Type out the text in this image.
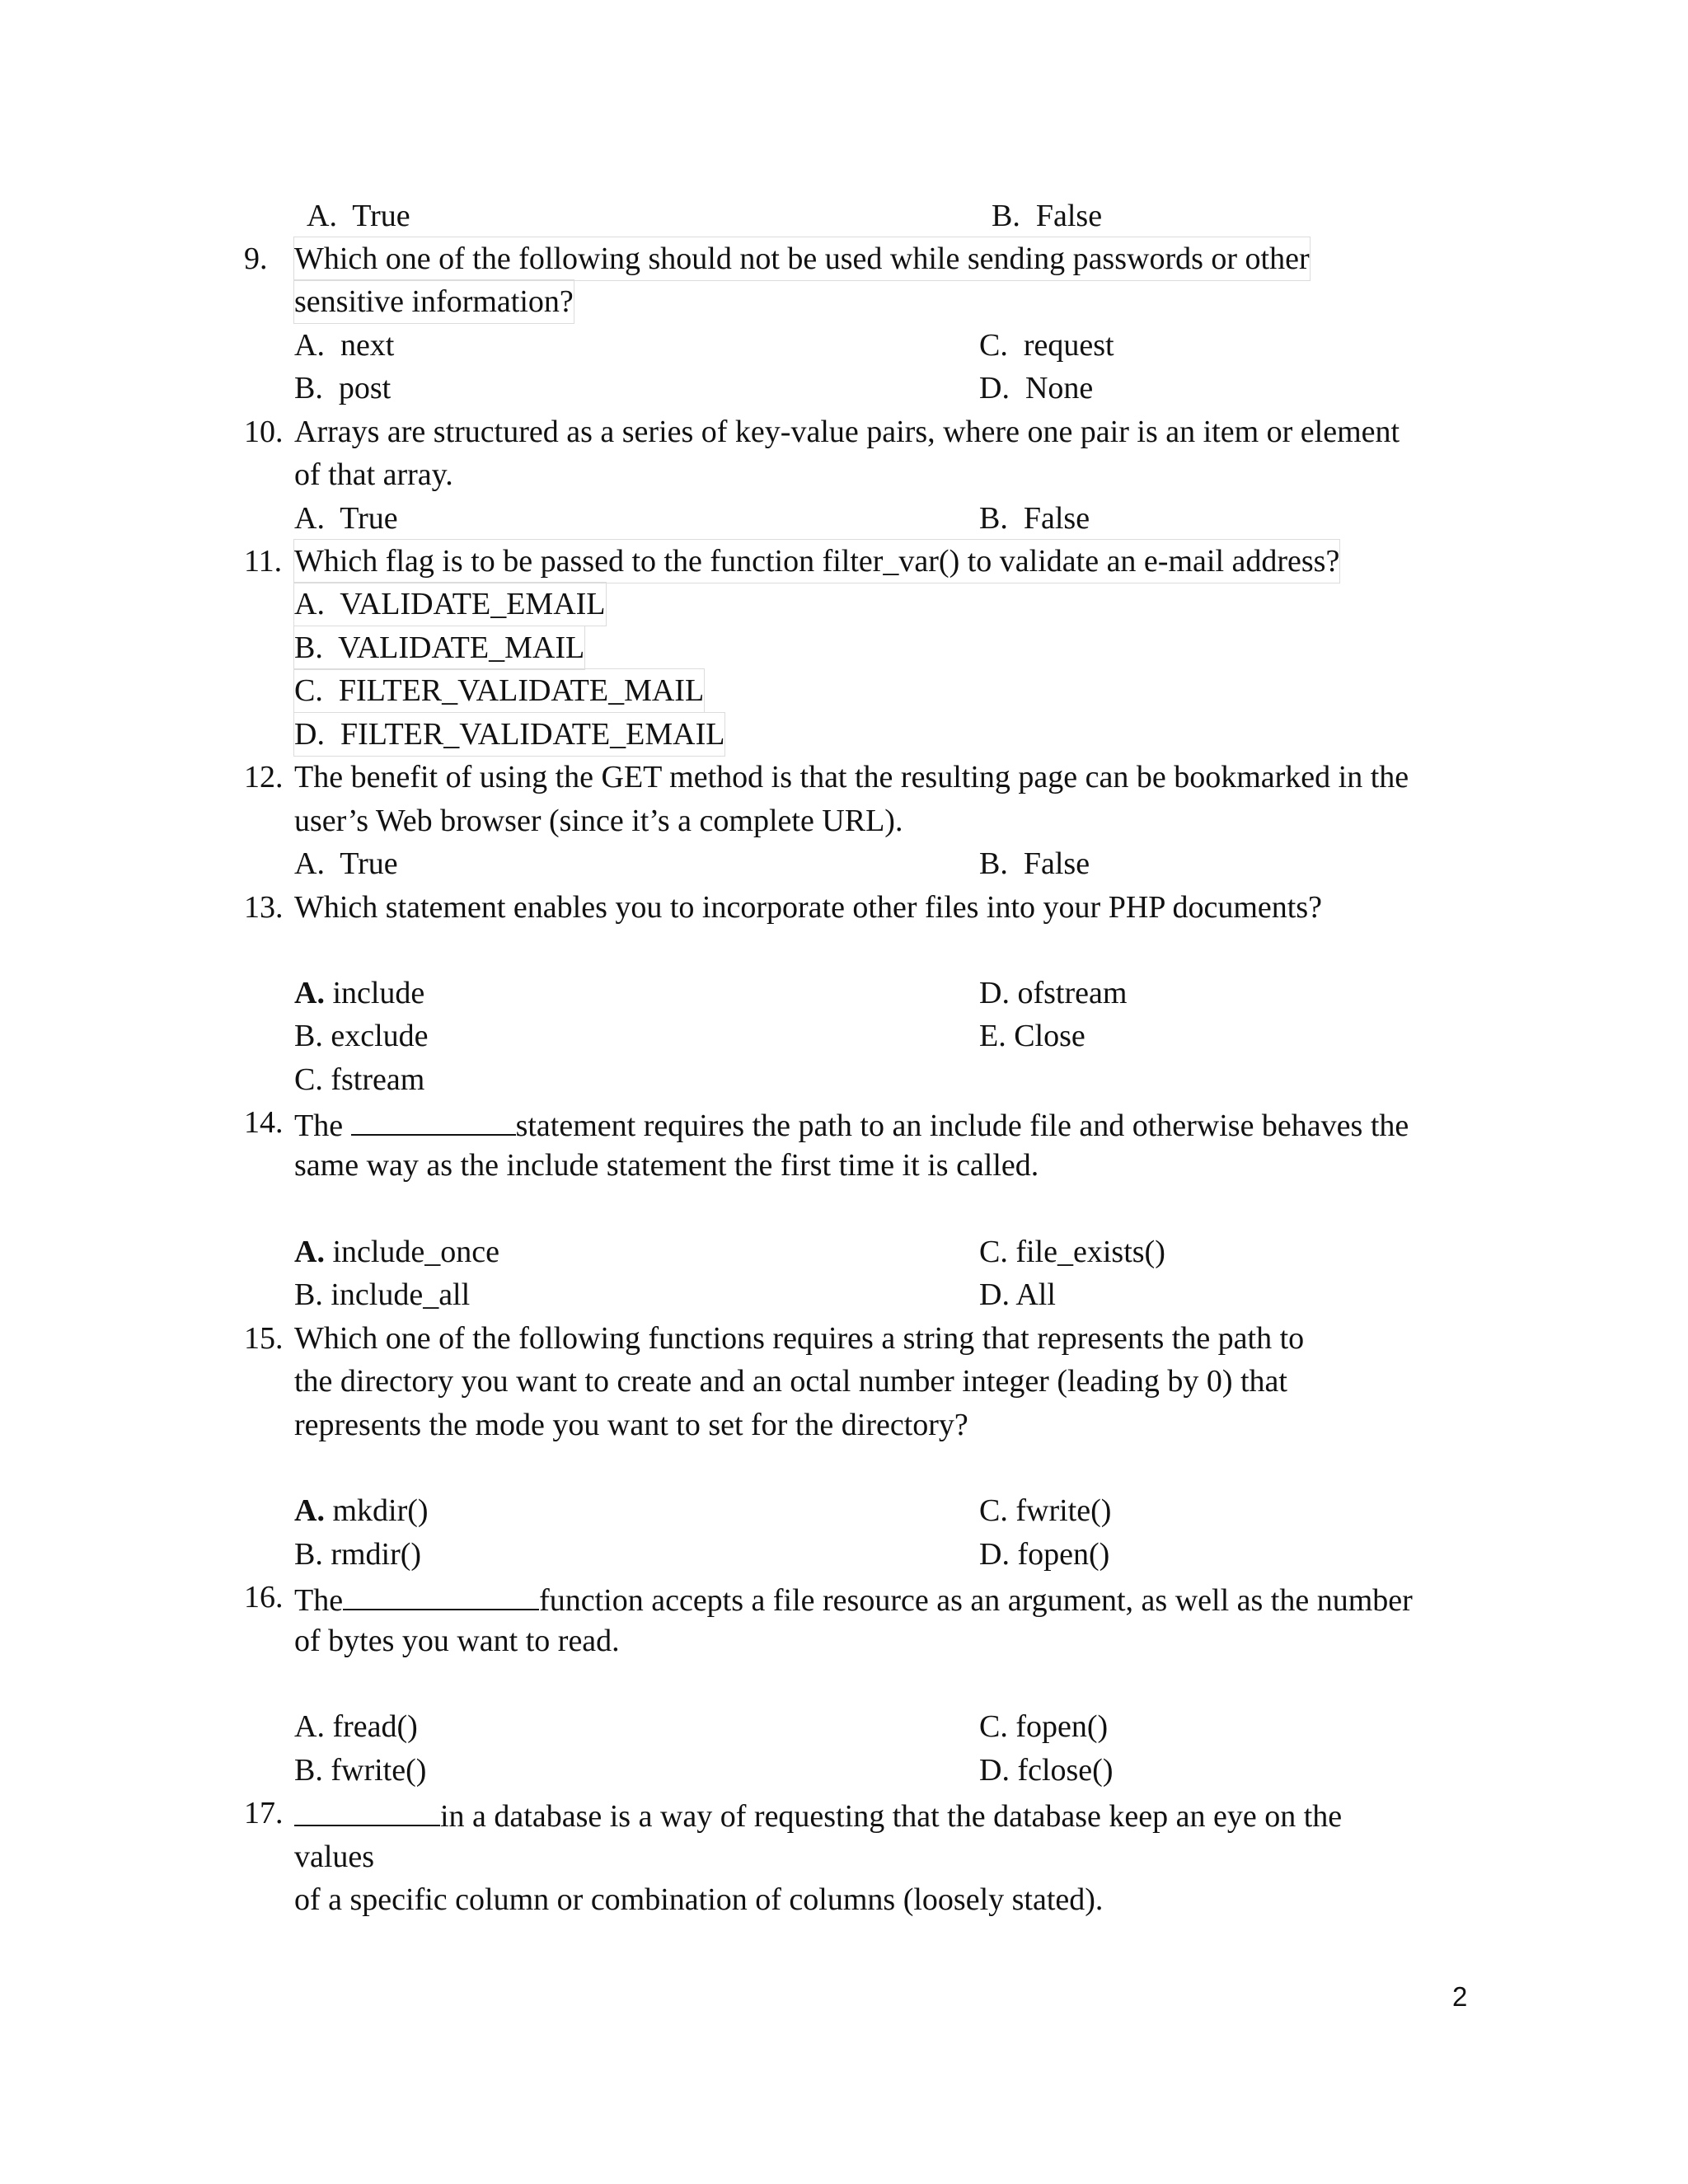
A.  True	B.  False
9. Which one of the following should not be used while sending passwords or other
sensitive information?
A.  next
B.  post
C.  request
D.  None
10. Arrays are structured as a series of key-value pairs, where one pair is an item or element
of that array.
A.  True	B.  False
11. Which flag is to be passed to the function filter_var() to validate an e-mail address?
A.  VALIDATE_EMAIL
B.  VALIDATE_MAIL
C.  FILTER_VALIDATE_MAIL
D.  FILTER_VALIDATE_EMAIL
12. The benefit of using the GET method is that the resulting page can be bookmarked in the
user’s Web browser (since it’s a complete URL).
A.  True	B.  False
13. Which statement enables you to incorporate other files into your PHP documents?
A. include
B. exclude
C. fstream
D. ofstream
E. Close
14. The	statement requires the path to an include file and otherwise behaves the
same way as the include statement the first time it is called.
A. include_once
B. include_all
C. file_exists()
D. All
15. Which one of the following functions requires a string that represents the path to
the directory you want to create and an octal number integer (leading by 0) that
represents the mode you want to set for the directory?
A. mkdir()
B. rmdir()
C. fwrite()
D. fopen()
16. The	function accepts a file resource as an argument, as well as the number
of bytes you want to read.
A. fread()
B. fwrite()
C. fopen()
D. fclose()
17.	in a database is a way of requesting that the database keep an eye on the
values
of a specific column or combination of columns (loosely stated).
2
